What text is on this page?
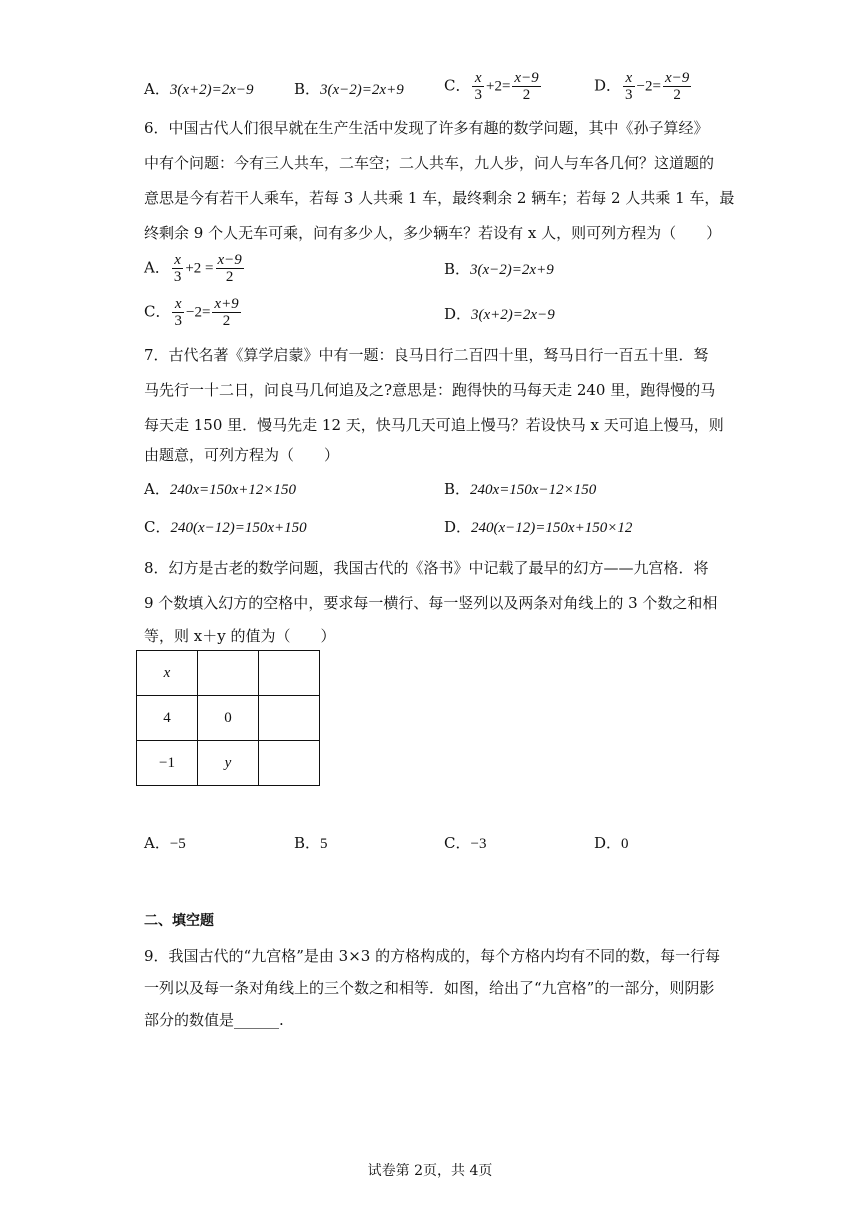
A．3(x+2)=2x−9	B．3(x−2)=2x+9	C． $\frac{x}{3} +2= \frac{x-9}{2}$	D． $\frac{x}{3} -2= \frac{x-9}{2}$
6．中国古代人们很早就在生产生活中发现了许多有趣的数学问题，其中《孙子算经》
中有个问题：今有三人共车，二车空；二人共车，九人步，问人与车各几何？这道题的
意思是今有若干人乘车，若每 3 人共乘 1 车，最终剩余 2 辆车；若每 2 人共乘 1 车，最
终剩余 9 个人无车可乘，问有多少人，多少辆车？若设有 x 人，则可列方程为（　　）
A． $\frac{x}{3} +2 = \frac{x-9}{2}$	B．3(x−2)=2x+9
C． $\frac{x}{3} -2= \frac{x+9}{2}$	D．3(x+2)=2x−9
7．古代名著《算学启蒙》中有一题：良马日行二百四十里，驽马日行一百五十里．驽
马先行一十二日，问良马几何追及之?意思是：跑得快的马每天走 240 里，跑得慢的马
每天走 150 里．慢马先走 12 天，快马几天可追上慢马？若设快马 x 天可追上慢马，则
由题意，可列方程为（　　）
A．240x=150x+12×150	B．240x=150x−12×150
C．240(x−12)=150x+150	D．240(x−12)=150x+150×12
8．幻方是古老的数学问题，我国古代的《洛书》中记载了最早的幻方——九宫格．将
9 个数填入幻方的空格中，要求每一横行、每一竖列以及两条对角线上的 3 个数之和相
等，则 x＋y 的值为（　　）
x		
4	0	
−1	y	
A．−5	B．5	C．−3	D．0
二、填空题
9．我国古代的“九宫格”是由 3×3 的方格构成的，每个方格内均有不同的数，每一行每
一列以及每一条对角线上的三个数之和相等．如图，给出了“九宫格”的一部分，则阴影
部分的数值是______.
试卷第 2页，共 4页
